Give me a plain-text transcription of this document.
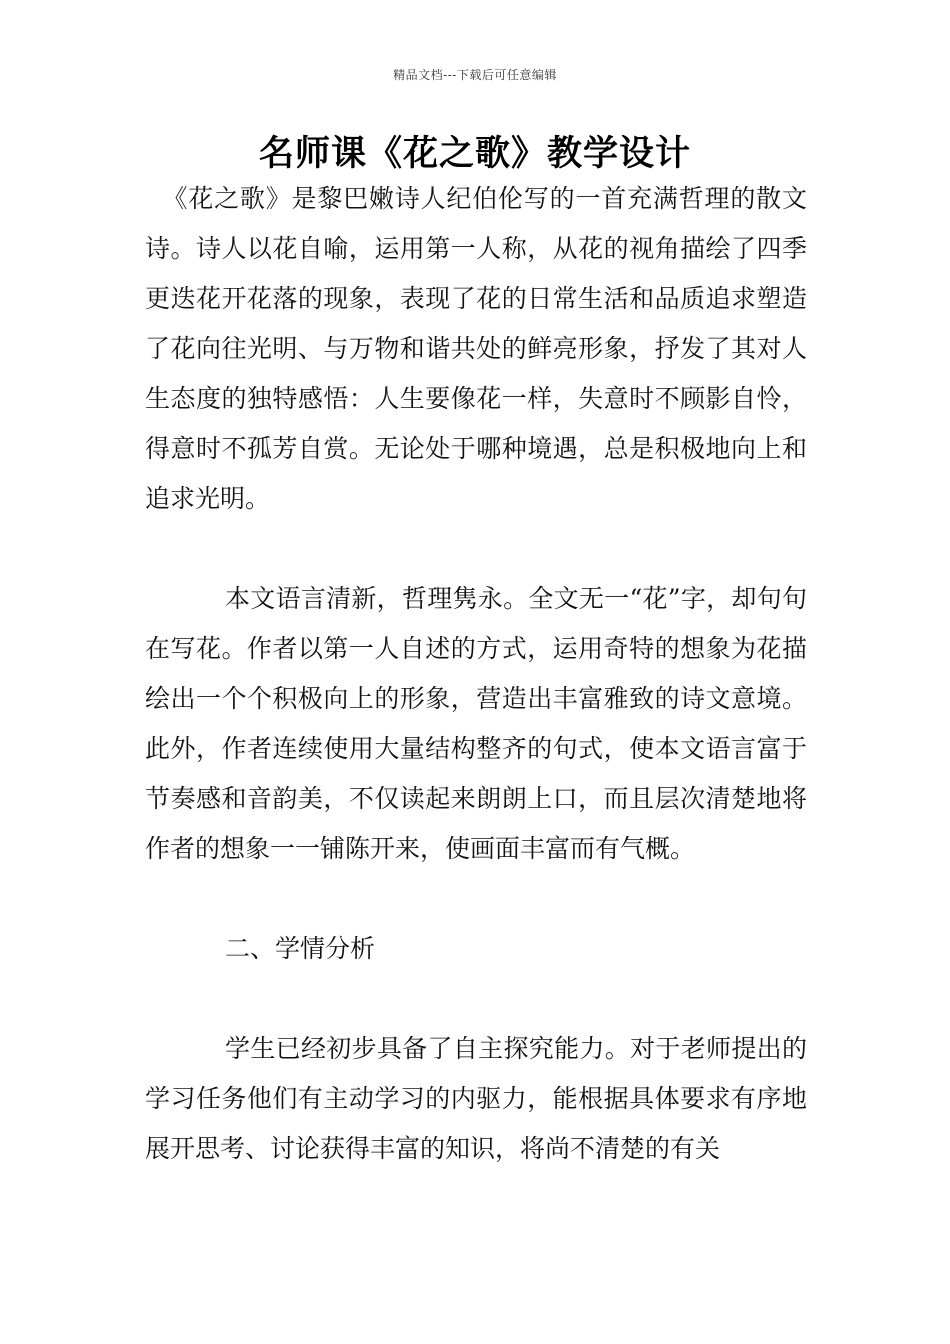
精品文档---下载后可任意编辑
名师课《花之歌》教学设计

《花之歌》是黎巴嫩诗人纪伯伦写的一首充满哲理的散文诗。诗人以花自喻，运用第一人称，从花的视角描绘了四季更迭花开花落的现象，表现了花的日常生活和品质追求塑造了花向往光明、与万物和谐共处的鲜亮形象，抒发了其对人生态度的独特感悟：人生要像花一样，失意时不顾影自怜，得意时不孤芳自赏。无论处于哪种境遇，总是积极地向上和追求光明。

本文语言清新，哲理隽永。全文无一“花”字，却句句在写花。作者以第一人自述的方式，运用奇特的想象为花描绘出一个个积极向上的形象，营造出丰富雅致的诗文意境。此外，作者连续使用大量结构整齐的句式，使本文语言富于节奏感和音韵美，不仅读起来朗朗上口，而且层次清楚地将作者的想象一一铺陈开来，使画面丰富而有气概。

二、学情分析

学生已经初步具备了自主探究能力。对于老师提出的学习任务他们有主动学习的内驱力，能根据具体要求有序地展开思考、讨论获得丰富的知识，将尚不清楚的有关
